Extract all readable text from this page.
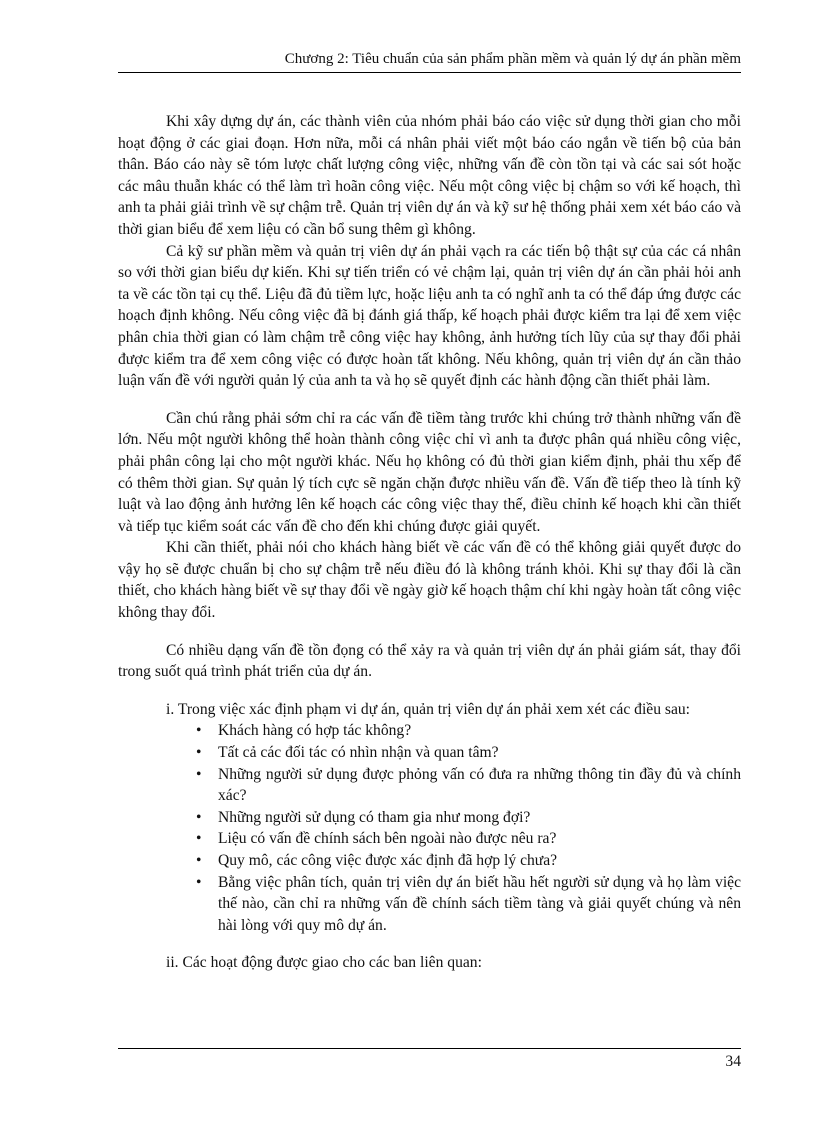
Chương 2: Tiêu chuẩn của sản phẩm phần mềm và quản lý dự án phần mềm

Khi xây dựng dự án, các thành viên của nhóm phải báo cáo việc sử dụng thời gian cho mỗi hoạt động ở các giai đoạn. Hơn nữa, mỗi cá nhân phải viết một báo cáo ngắn về tiến bộ của bản thân. Báo cáo này sẽ tóm lược chất lượng công việc, những vấn đề còn tồn tại và các sai sót hoặc các mâu thuẫn khác có thể làm trì hoãn công việc. Nếu một công việc bị chậm so với kế hoạch, thì anh ta phải giải trình về sự chậm trễ. Quản trị viên dự án và kỹ sư hệ thống phải xem xét báo cáo và thời gian biểu để xem liệu có cần bổ sung thêm gì không.

Cả kỹ sư phần mềm và quản trị viên dự án phải vạch ra các tiến bộ thật sự của các cá nhân so với thời gian biểu dự kiến. Khi sự tiến triển có vẻ chậm lại, quản trị viên dự án cần phải hỏi anh ta về các tồn tại cụ thể. Liệu đã đủ tiềm lực, hoặc liệu anh ta có nghĩ anh ta có thể đáp ứng được các hoạch định không. Nếu công việc đã bị đánh giá thấp, kế hoạch phải được kiểm tra lại để xem việc phân chia thời gian có làm chậm trễ công việc hay không, ảnh hưởng tích lũy của sự thay đổi phải được kiểm tra để xem công việc có được hoàn tất không. Nếu không, quản trị viên dự án cần thảo luận vấn đề với người quản lý của anh ta và họ sẽ quyết định các hành động cần thiết phải làm.

Cần chú rằng phải sớm chỉ ra các vấn đề tiềm tàng trước khi chúng trở thành những vấn đề lớn. Nếu một người không thể hoàn thành công việc chỉ vì anh ta được phân quá nhiều công việc, phải phân công lại cho một người khác. Nếu họ không có đủ thời gian kiểm định, phải thu xếp để có thêm thời gian. Sự quản lý tích cực sẽ ngăn chặn được nhiều vấn đề. Vấn đề tiếp theo là tính kỹ luật và lao động ảnh hưởng lên kế hoạch các công việc thay thế, điều chỉnh kế hoạch khi cần thiết và tiếp tục kiểm soát các vấn đề cho đến khi chúng được giải quyết.

Khi cần thiết, phải nói cho khách hàng biết về các vấn đề có thể không giải quyết được do vậy họ sẽ được chuẩn bị cho sự chậm trễ nếu điều đó là không tránh khỏi. Khi sự thay đổi là cần thiết, cho khách hàng biết về sự thay đổi về ngày giờ kế hoạch thậm chí khi ngày hoàn tất công việc không thay đổi.

Có nhiều dạng vấn đề tồn đọng có thể xảy ra và quản trị viên dự án phải giám sát, thay đổi trong suốt quá trình phát triển của dự án.

i. Trong việc xác định phạm vi dự án, quản trị viên dự án phải xem xét các điều sau:

• Khách hàng có hợp tác không?
• Tất cả các đối tác có nhìn nhận và quan tâm?
• Những người sử dụng được phỏng vấn có đưa ra những thông tin đầy đủ và chính xác?
• Những người sử dụng có tham gia như mong đợi?
• Liệu có vấn đề chính sách bên ngoài nào được nêu ra?
• Quy mô, các công việc được xác định đã hợp lý chưa?
• Bằng việc phân tích, quản trị viên dự án biết hầu hết người sử dụng và họ làm việc thế nào, cần chỉ ra những vấn đề chính sách tiềm tàng và giải quyết chúng và nên hài lòng với quy mô dự án.

ii. Các hoạt động được giao cho các ban liên quan:

34
